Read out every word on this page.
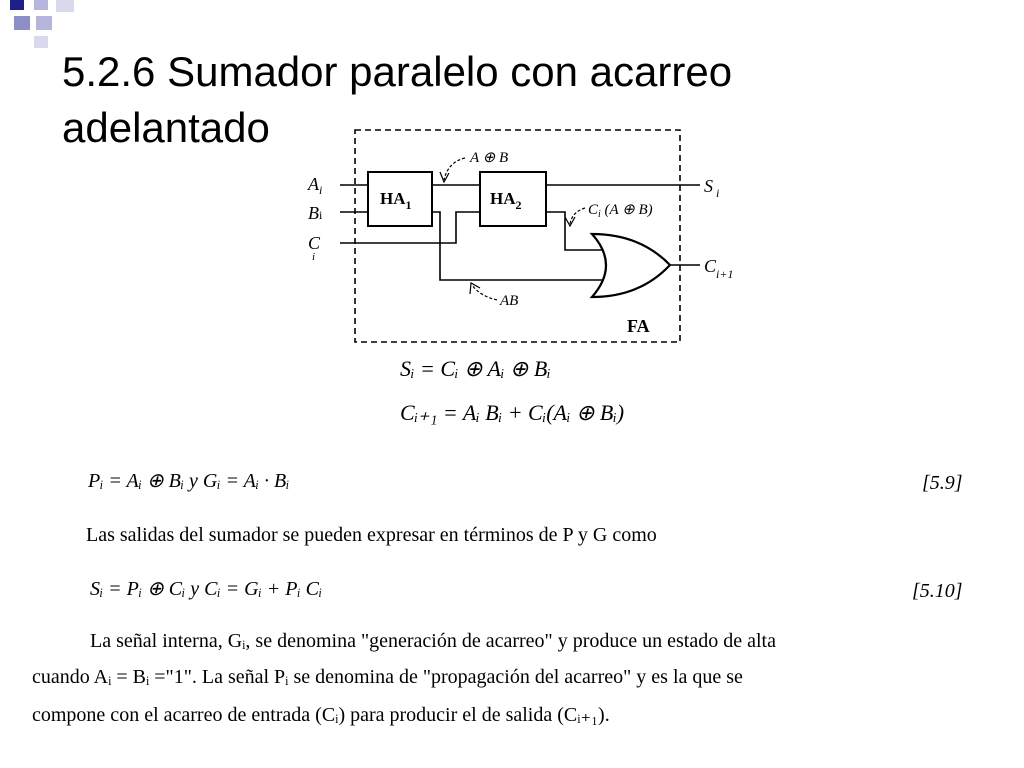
5.2.6 Sumador paralelo con acarreo
adelantado
$A_i$
Bi
C i
$HA_1$	$HA_2$
A ⊕ B
$C_i$ (A ⊕ B)
AB
S $_i$
$C_{i+1}$
FA
Sᵢ = Cᵢ ⊕ Aᵢ ⊕ Bᵢ
Cᵢ₊₁ = Aᵢ Bᵢ + Cᵢ(Aᵢ ⊕ Bᵢ)
Pᵢ = Aᵢ ⊕ Bᵢ y Gᵢ = Aᵢ · Bᵢ	[5.9]
Las salidas del sumador se pueden expresar en términos de P y G como
Sᵢ = Pᵢ ⊕ Cᵢ y Cᵢ = Gᵢ + Pᵢ Cᵢ	[5.10]
La señal interna, Gᵢ, se denomina "generación de acarreo" y produce un estado de alta
cuando Aᵢ = Bᵢ ="1". La señal Pᵢ se denomina de "propagación del acarreo" y es la que se
compone con el acarreo de entrada (Cᵢ) para producir el de salida (Cᵢ₊₁).
